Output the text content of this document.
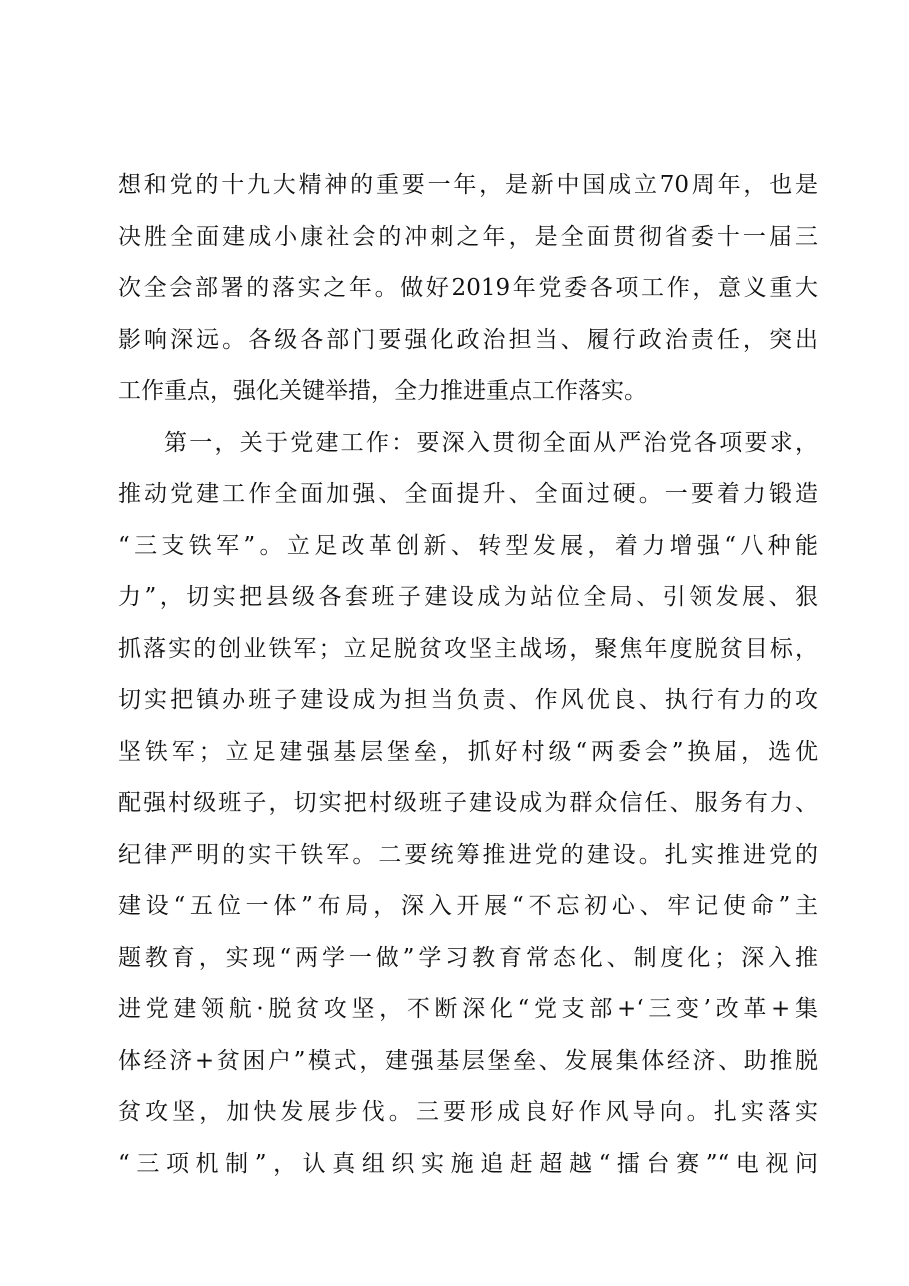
想和党的十九大精神的重要一年，是新中国成立70周年，也是
决胜全面建成小康社会的冲刺之年，是全面贯彻省委十一届三
次全会部署的落实之年。做好2019年党委各项工作，意义重大
影响深远。各级各部门要强化政治担当、履行政治责任，突出
工作重点，强化关键举措，全力推进重点工作落实。
第一，关于党建工作：要深入贯彻全面从严治党各项要求，
推动党建工作全面加强、全面提升、全面过硬。一要着力锻造
“三支铁军”。立足改革创新、转型发展，着力增强“八种能
力”，切实把县级各套班子建设成为站位全局、引领发展、狠
抓落实的创业铁军；立足脱贫攻坚主战场，聚焦年度脱贫目标，
切实把镇办班子建设成为担当负责、作风优良、执行有力的攻
坚铁军；立足建强基层堡垒，抓好村级“两委会”换届，选优
配强村级班子，切实把村级班子建设成为群众信任、服务有力、
纪律严明的实干铁军。二要统筹推进党的建设。扎实推进党的
建设“五位一体”布局，深入开展“不忘初心、牢记使命”主
题教育，实现“两学一做”学习教育常态化、制度化；深入推
进党建领航·脱贫攻坚，不断深化“党支部+‘三变’改革+集
体经济+贫困户”模式，建强基层堡垒、发展集体经济、助推脱
贫攻坚，加快发展步伐。三要形成良好作风导向。扎实落实
“三项机制”，认真组织实施追赶超越“擂台赛”“电视问
